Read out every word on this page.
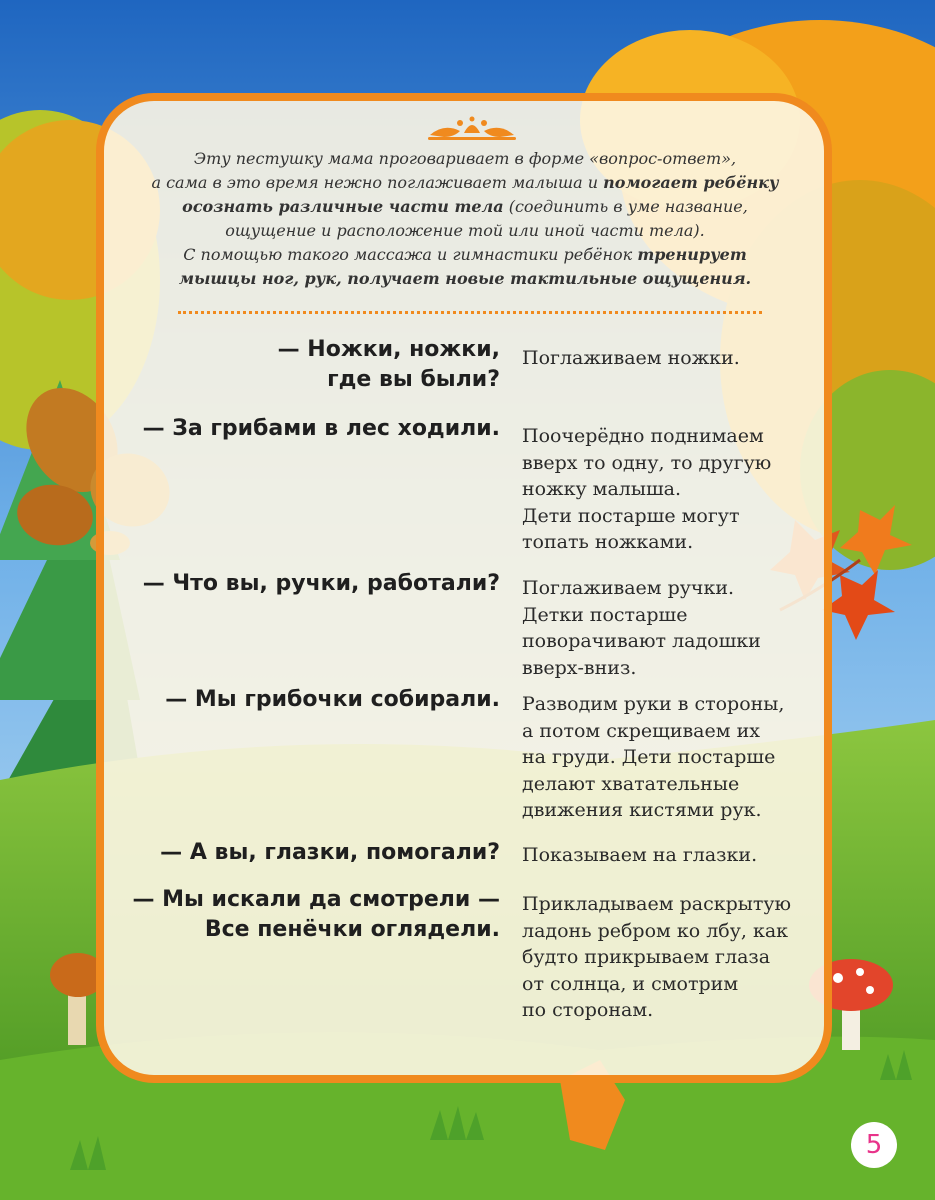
Эту пестушку мама проговаривает в форме «вопрос-ответ»,
а сама в это время нежно поглаживает малыша и помогает ребёнку
осознать различные части тела (соединить в уме название,
ощущение и расположение той или иной части тела).
С помощью такого массажа и гимнастики ребёнок тренирует
мышцы ног, рук, получает новые тактильные ощущения.

— Ножки, ножки,
где вы были?

Поглаживаем ножки.

— За грибами в лес ходили. Поочерёдно поднимаем
вверх то одну, то другую
ножку малыша.
Дети постарше могут
топать ножками.

— Что вы, ручки, работали? Поглаживаем ручки.
Детки постарше
поворачивают ладошки
вверх-вниз.

— Мы грибочки собирали. Разводим руки в стороны,
а потом скрещиваем их
на груди. Дети постарше
делают хватательные
движения кистями рук.

— А вы, глазки, помогали? Показываем на глазки.

— Мы искали да смотрели —
Все пенёчки оглядели.

Прикладываем раскрытую
ладонь ребром ко лбу, как
будто прикрываем глаза
от солнца, и смотрим
по сторонам.

5
